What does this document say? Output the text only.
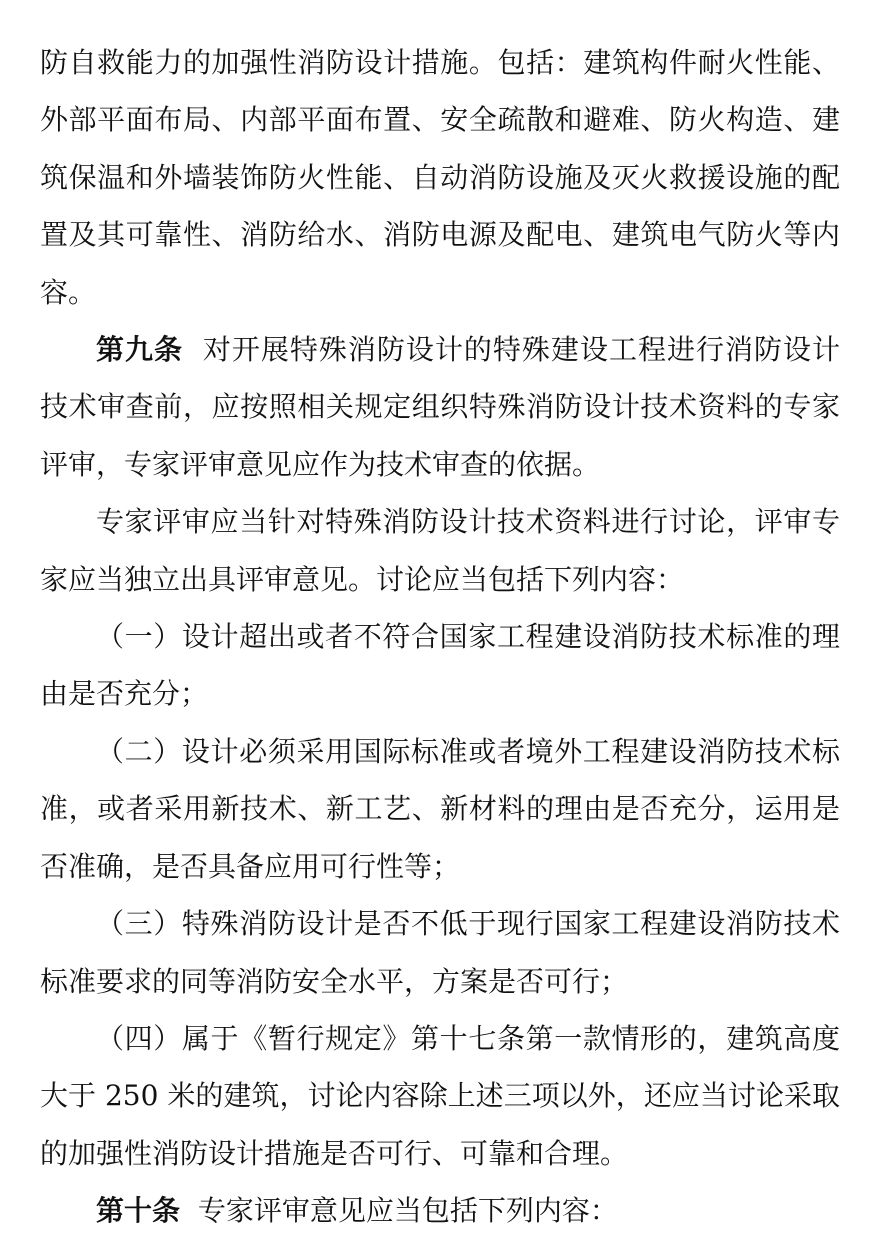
防自救能力的加强性消防设计措施。包括：建筑构件耐火性能、外部平面布局、内部平面布置、安全疏散和避难、防火构造、建筑保温和外墙装饰防火性能、自动消防设施及灭火救援设施的配置及其可靠性、消防给水、消防电源及配电、建筑电气防火等内容。

第九条 对开展特殊消防设计的特殊建设工程进行消防设计技术审查前，应按照相关规定组织特殊消防设计技术资料的专家评审，专家评审意见应作为技术审查的依据。

专家评审应当针对特殊消防设计技术资料进行讨论，评审专家应当独立出具评审意见。讨论应当包括下列内容：

（一）设计超出或者不符合国家工程建设消防技术标准的理由是否充分；

（二）设计必须采用国际标准或者境外工程建设消防技术标准，或者采用新技术、新工艺、新材料的理由是否充分，运用是否准确，是否具备应用可行性等；

（三）特殊消防设计是否不低于现行国家工程建设消防技术标准要求的同等消防安全水平，方案是否可行；

（四）属于《暂行规定》第十七条第一款情形的，建筑高度大于 250 米的建筑，讨论内容除上述三项以外，还应当讨论采取的加强性消防设计措施是否可行、可靠和合理。

第十条 专家评审意见应当包括下列内容：
